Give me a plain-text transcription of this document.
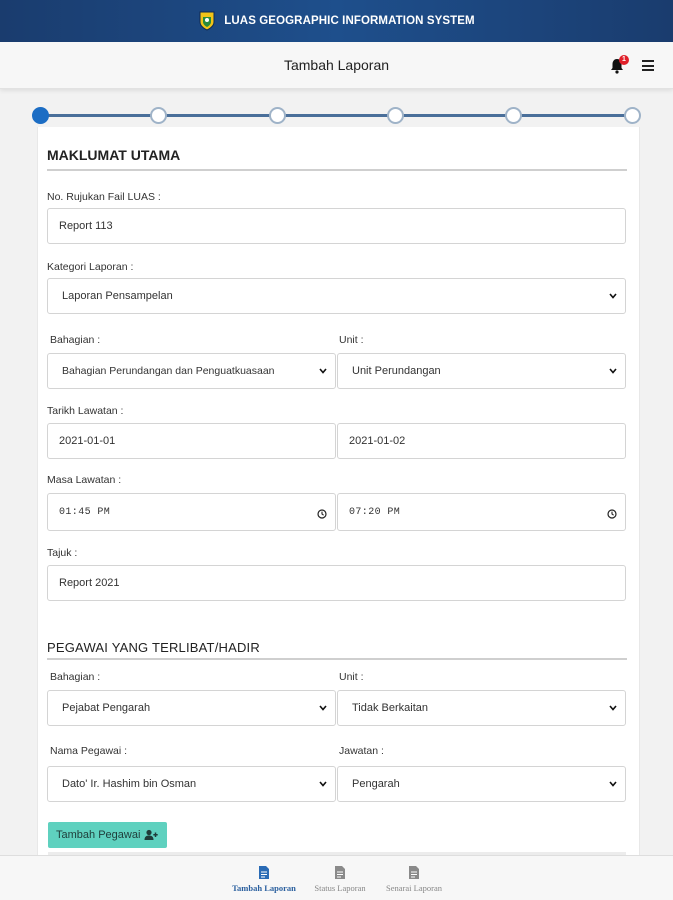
LUAS GEOGRAPHIC INFORMATION SYSTEM
Tambah Laporan	1
MAKLUMAT UTAMA
No. Rujukan Fail LUAS :
Report 113
Kategori Laporan :
Laporan Pensampelan
Bahagian :	Unit :
Bahagian Perundangan dan Penguatkuasaan	Unit Perundangan
Tarikh Lawatan :
2021-01-01	2021-01-02
Masa Lawatan :
01:45 PM	07:20 PM
Tajuk :
Report 2021
PEGAWAI YANG TERLIBAT/HADIR
Bahagian :	Unit :
Pejabat Pengarah	Tidak Berkaitan
Nama Pegawai :	Jawatan :
Dato' Ir. Hashim bin Osman	Pengarah
Tambah Pegawai
Tambah Laporan	Status Laporan	Senarai Laporan
